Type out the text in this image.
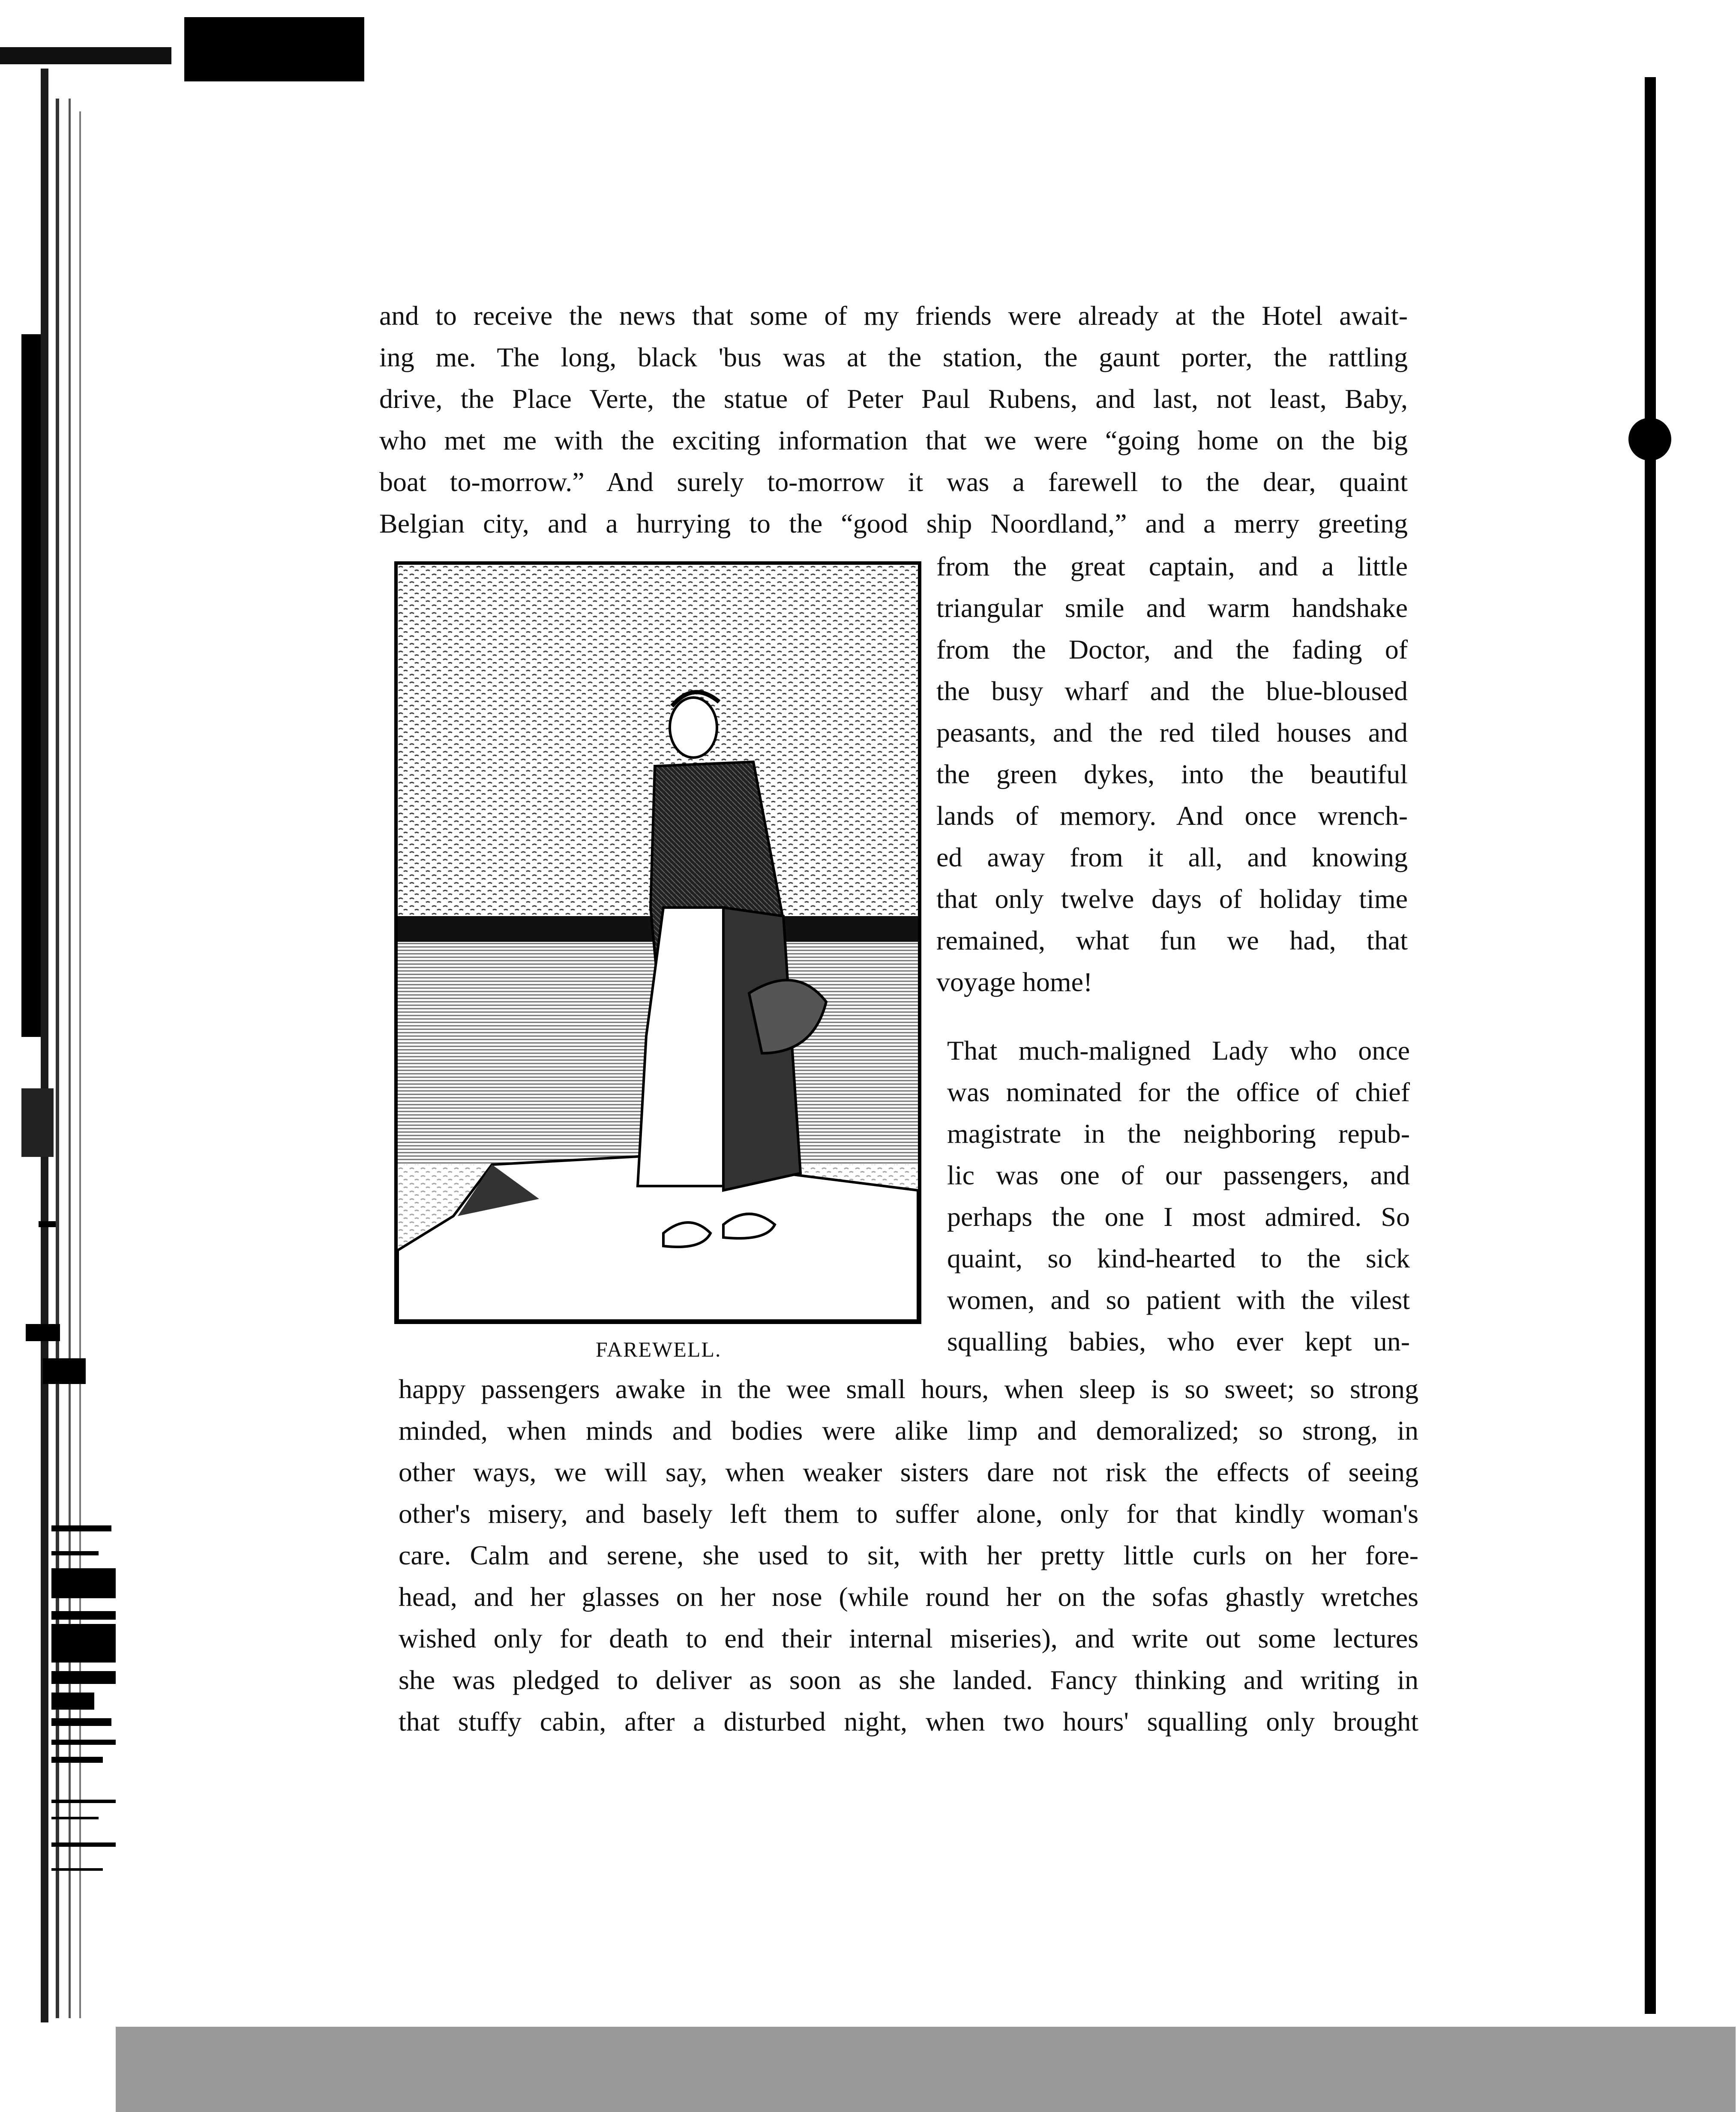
and to receive the news that some of my friends were already at the Hotel await-
ing me. The long, black 'bus was at the station, the gaunt porter, the rattling
drive, the Place Verte, the statue of Peter Paul Rubens, and last, not least, Baby,
who met me with the exciting information that we were “going home on the big
boat to-morrow.” And surely to-morrow it was a farewell to the dear, quaint
Belgian city, and a hurrying to the “good ship Noordland,” and a merry greeting
from the great captain, and a little
triangular smile and warm handshake
from the Doctor, and the fading of
the busy wharf and the blue-bloused
peasants, and the red tiled houses and
the green dykes, into the beautiful
lands of memory. And once wrench-
ed away from it all, and knowing
that only twelve days of holiday time
remained, what fun we had, that
voyage home!
That much-maligned Lady who once
was nominated for the office of chief
magistrate in the neighboring repub-
lic was one of our passengers, and
perhaps the one I most admired. So
quaint, so kind-hearted to the sick
women, and so patient with the vilest
squalling babies, who ever kept un-
happy passengers awake in the wee small hours, when sleep is so sweet; so strong
minded, when minds and bodies were alike limp and demoralized; so strong, in
other ways, we will say, when weaker sisters dare not risk the effects of seeing
other's misery, and basely left them to suffer alone, only for that kindly woman's
care. Calm and serene, she used to sit, with her pretty little curls on her fore-
head, and her glasses on her nose (while round her on the sofas ghastly wretches
wished only for death to end their internal miseries), and write out some lectures
she was pledged to deliver as soon as she landed. Fancy thinking and writing in
that stuffy cabin, after a disturbed night, when two hours' squalling only brought
FAREWELL.
